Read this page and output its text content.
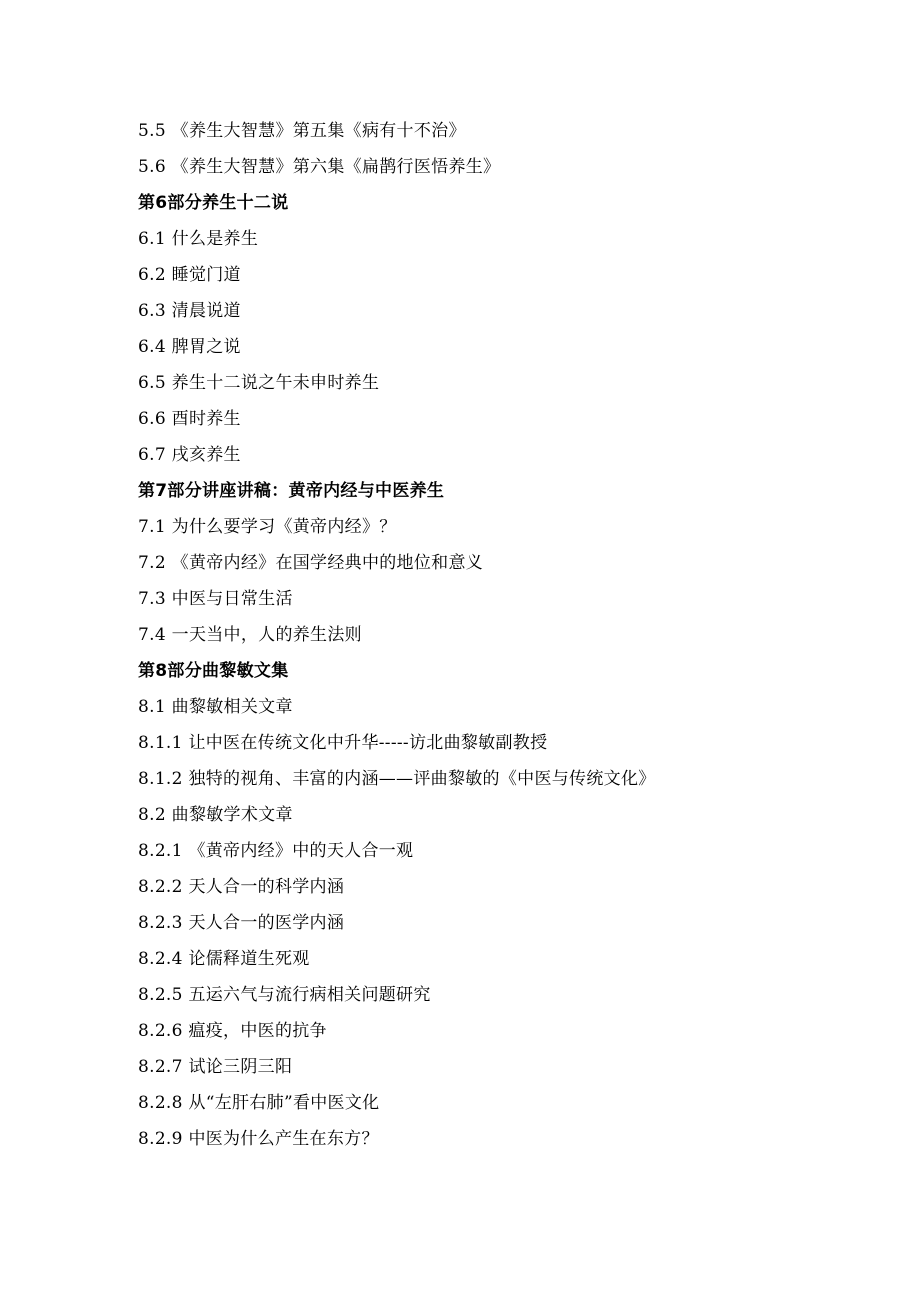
5.5 《养生大智慧》第五集《病有十不治》
5.6 《养生大智慧》第六集《扁鹊行医悟养生》
第6部分养生十二说
6.1 什么是养生
6.2 睡觉门道
6.3 清晨说道
6.4 脾胃之说
6.5 养生十二说之午未申时养生
6.6 酉时养生
6.7 戌亥养生
第7部分讲座讲稿：黄帝内经与中医养生
7.1 为什么要学习《黄帝内经》？
7.2 《黄帝内经》在国学经典中的地位和意义
7.3 中医与日常生活
7.4 一天当中，人的养生法则
第8部分曲黎敏文集
8.1 曲黎敏相关文章
8.1.1 让中医在传统文化中升华-----访北曲黎敏副教授
8.1.2 独特的视角、丰富的内涵——评曲黎敏的《中医与传统文化》
8.2 曲黎敏学术文章
8.2.1 《黄帝内经》中的天人合一观
8.2.2 天人合一的科学内涵
8.2.3 天人合一的医学内涵
8.2.4 论儒释道生死观
8.2.5 五运六气与流行病相关问题研究
8.2.6 瘟疫，中医的抗争
8.2.7 试论三阴三阳
8.2.8 从“左肝右肺”看中医文化
8.2.9 中医为什么产生在东方？
